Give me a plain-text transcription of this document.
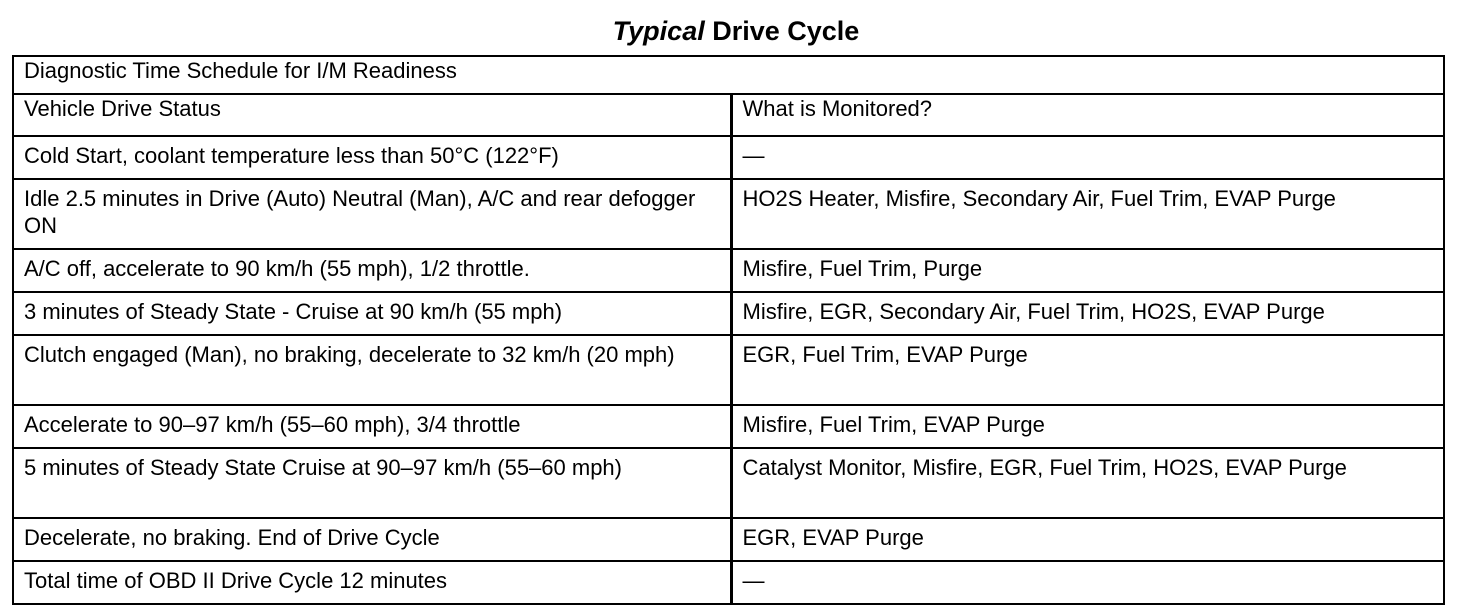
Typical Drive Cycle
Diagnostic Time Schedule for I/M Readiness	
Vehicle Drive Status	What is Monitored?
Cold Start, coolant temperature less than 50°C (122°F)	—
Idle 2.5 minutes in Drive (Auto) Neutral (Man), A/C and rear defogger ON	HO2S Heater, Misfire, Secondary Air, Fuel Trim, EVAP Purge
A/C off, accelerate to 90 km/h (55 mph), 1/2 throttle.	Misfire, Fuel Trim, Purge
3 minutes of Steady State - Cruise at 90 km/h (55 mph)	Misfire, EGR, Secondary Air, Fuel Trim, HO2S, EVAP Purge
Clutch engaged (Man), no braking, decelerate to 32 km/h (20 mph)	EGR, Fuel Trim, EVAP Purge
Accelerate to 90–97 km/h (55–60 mph), 3/4 throttle	Misfire, Fuel Trim, EVAP Purge
5 minutes of Steady State Cruise at 90–97 km/h (55–60 mph)	Catalyst Monitor, Misfire, EGR, Fuel Trim, HO2S, EVAP Purge
Decelerate, no braking. End of Drive Cycle	EGR, EVAP Purge
Total time of OBD II Drive Cycle 12 minutes	—
